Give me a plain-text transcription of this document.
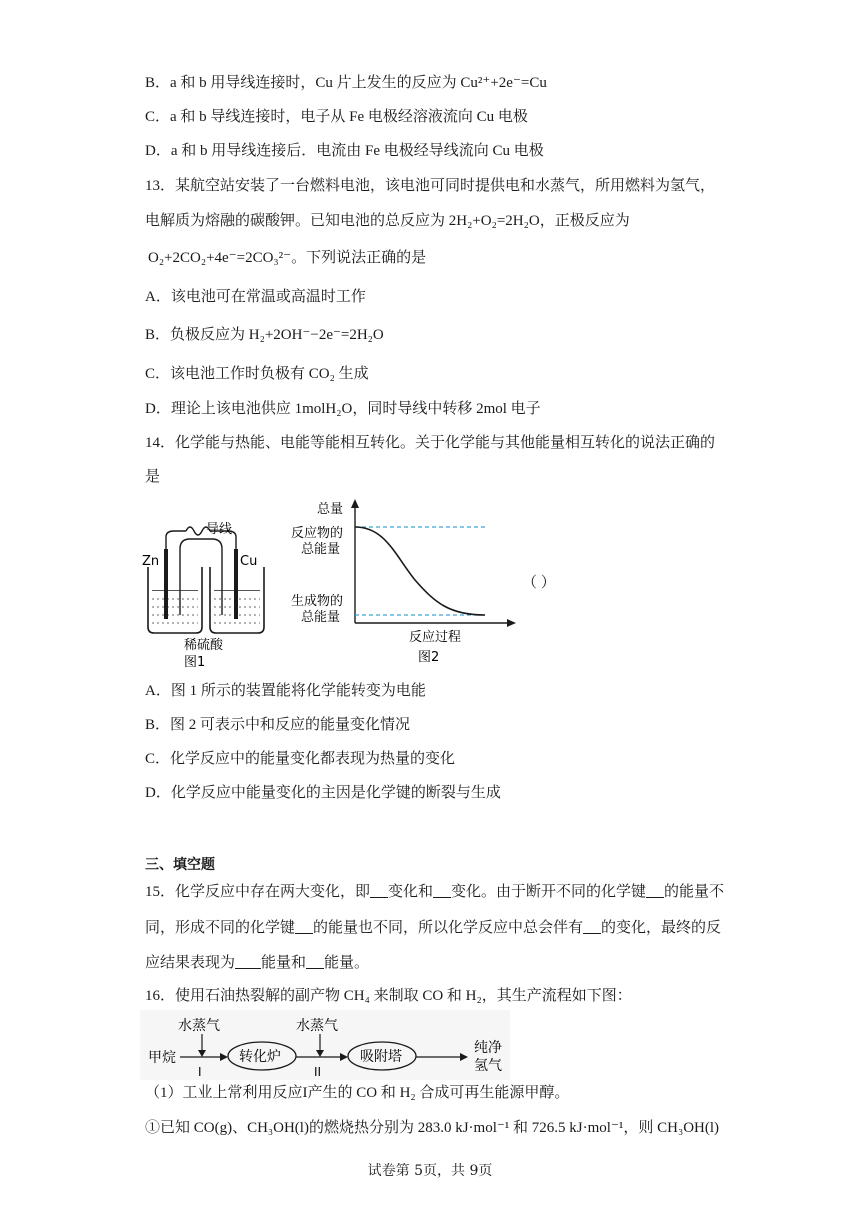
B．a 和 b 用导线连接时，Cu 片上发生的反应为 Cu²⁺+2e⁻=Cu
C．a 和 b 导线连接时，电子从 Fe 电极经溶液流向 Cu 电极
D．a 和 b 用导线连接后．电流由 Fe 电极经导线流向 Cu 电极
13．某航空站安装了一台燃料电池，该电池可同时提供电和水蒸气，所用燃料为氢气，
电解质为熔融的碳酸钾。已知电池的总反应为 2H₂+O₂=2H₂O，正极反应为
O₂+2CO₂+4e⁻=2CO₃²⁻。下列说法正确的是
A．该电池可在常温或高温时工作
B．负极反应为 H₂+2OH⁻−2e⁻=2H₂O
C．该电池工作时负极有 CO₂ 生成
D．理论上该电池供应 1molH₂O，同时导线中转移 2mol 电子
14．化学能与热能、电能等能相互转化。关于化学能与其他能量相互转化的说法正确的
是
导线
Zn	Cu
稀硫酸
图1
总量
反应物的
总能量
生成物的
总能量
反应过程
图2
（ ）
A．图 1 所示的装置能将化学能转变为电能
B．图 2 可表示中和反应的能量变化情况
C．化学反应中的能量变化都表现为热量的变化
D．化学反应中能量变化的主因是化学键的断裂与生成
三、填空题
15．化学反应中存在两大变化，即 变化和 变化。由于断开不同的化学键 的能量不
同，形成不同的化学键 的能量也不同，所以化学反应中总会伴有 的变化，最终的反
应结果表现为 能量和 能量。
16．使用石油热裂解的副产物 CH₄ 来制取 CO 和 H₂，其生产流程如下图：
甲烷
水蒸气
I
转化炉
水蒸气
II
吸附塔
纯净
氢气
（1）工业上常利用反应I产生的 CO 和 H₂ 合成可再生能源甲醇。
①已知 CO(g)、CH₃OH(l)的燃烧热分别为 283.0 kJ·mol⁻¹ 和 726.5 kJ·mol⁻¹，则 CH₃OH(l)
试卷第 5页，共 9页
